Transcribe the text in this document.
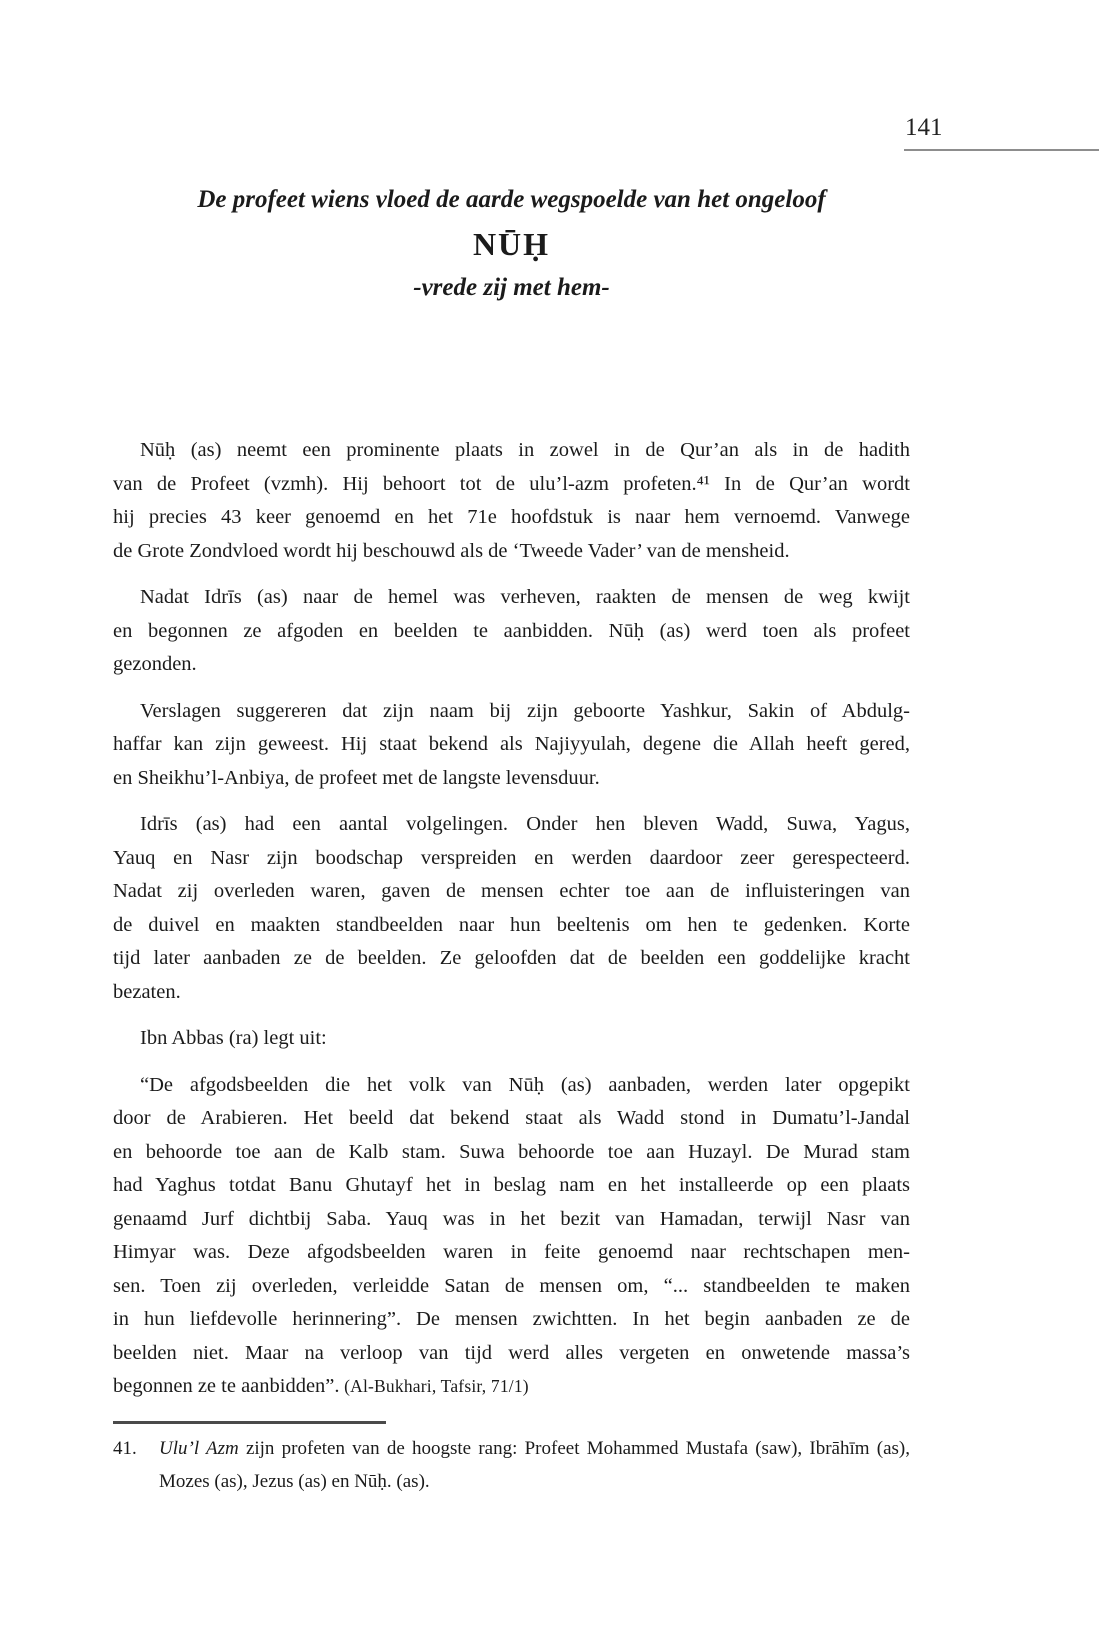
141
De profeet wiens vloed de aarde wegspoelde van het ongeloof
NŪḤ
-vrede zij met hem-
Nūḥ (as) neemt een prominente plaats in zowel in de Qur’an als in de hadith
van de Profeet (vzmh). Hij behoort tot de ulu’l-azm profeten.⁴¹ In de Qur’an wordt
hij precies 43 keer genoemd en het 71e hoofdstuk is naar hem vernoemd. Vanwege
de Grote Zondvloed wordt hij beschouwd als de ‘Tweede Vader’ van de mensheid.
Nadat Idrīs (as) naar de hemel was verheven, raakten de mensen de weg kwijt
en begonnen ze afgoden en beelden te aanbidden. Nūḥ (as) werd toen als profeet
gezonden.
Verslagen suggereren dat zijn naam bij zijn geboorte Yashkur, Sakin of Abdulg-
haffar kan zijn geweest. Hij staat bekend als Najiyyulah, degene die Allah heeft gered,
en Sheikhu’l-Anbiya, de profeet met de langste levensduur.
Idrīs (as) had een aantal volgelingen. Onder hen bleven Wadd, Suwa, Yagus,
Yauq en Nasr zijn boodschap verspreiden en werden daardoor zeer gerespecteerd.
Nadat zij overleden waren, gaven de mensen echter toe aan de influisteringen van
de duivel en maakten standbeelden naar hun beeltenis om hen te gedenken. Korte
tijd later aanbaden ze de beelden. Ze geloofden dat de beelden een goddelijke kracht
bezaten.
Ibn Abbas (ra) legt uit:
“De afgodsbeelden die het volk van Nūḥ (as) aanbaden, werden later opgepikt
door de Arabieren. Het beeld dat bekend staat als Wadd stond in Dumatu’l-Jandal
en behoorde toe aan de Kalb stam. Suwa behoorde toe aan Huzayl. De Murad stam
had Yaghus totdat Banu Ghutayf het in beslag nam en het installeerde op een plaats
genaamd Jurf dichtbij Saba. Yauq was in het bezit van Hamadan, terwijl Nasr van
Himyar was. Deze afgodsbeelden waren in feite genoemd naar rechtschapen men-
sen. Toen zij overleden, verleidde Satan de mensen om, “... standbeelden te maken
in hun liefdevolle herinnering”. De mensen zwichtten. In het begin aanbaden ze de
beelden niet. Maar na verloop van tijd werd alles vergeten en onwetende massa’s
begonnen ze te aanbidden”. (Al-Bukhari, Tafsir, 71/1)
41.	Ulu’l Azm zijn profeten van de hoogste rang: Profeet Mohammed Mustafa (saw), Ibrāhīm (as),
Mozes (as), Jezus (as) en Nūḥ. (as).
